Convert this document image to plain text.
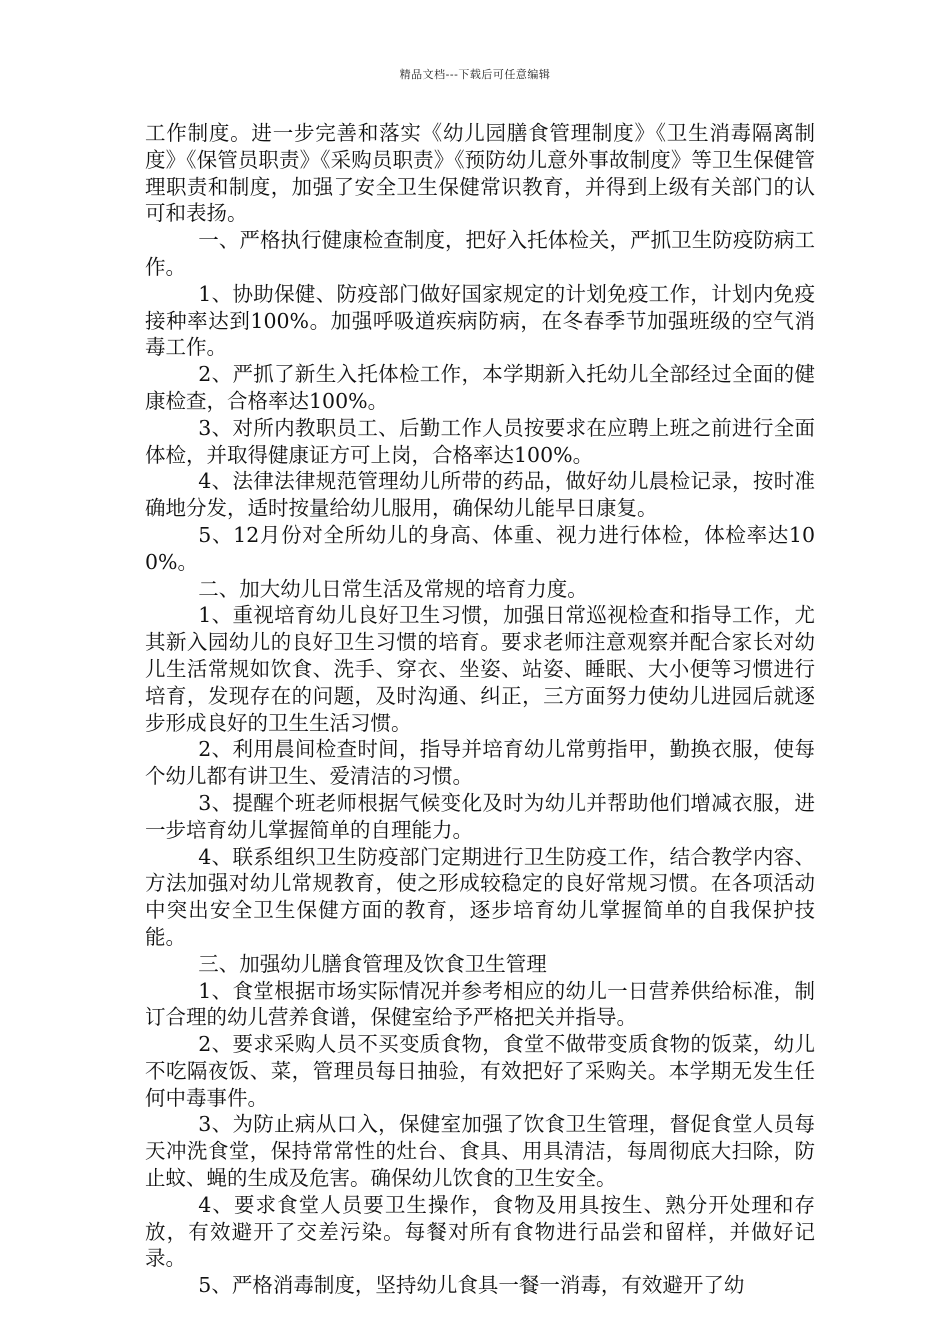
精品文档---下载后可任意编辑

工作制度。进一步完善和落实《幼儿园膳食管理制度》《卫生消毒隔离制度》《保管员职责》《采购员职责》《预防幼儿意外事故制度》等卫生保健管理职责和制度，加强了安全卫生保健常识教育，并得到上级有关部门的认可和表扬。

一、严格执行健康检查制度，把好入托体检关，严抓卫生防疫防病工作。

1、协助保健、防疫部门做好国家规定的计划免疫工作，计划内免疫接种率达到100%。加强呼吸道疾病防病，在冬春季节加强班级的空气消毒工作。

2、严抓了新生入托体检工作，本学期新入托幼儿全部经过全面的健康检查，合格率达100%。

3、对所内教职员工、后勤工作人员按要求在应聘上班之前进行全面体检，并取得健康证方可上岗，合格率达100%。

4、法律法律规范管理幼儿所带的药品，做好幼儿晨检记录，按时准确地分发，适时按量给幼儿服用，确保幼儿能早日康复。

5、12月份对全所幼儿的身高、体重、视力进行体检，体检率达100%。

二、加大幼儿日常生活及常规的培育力度。

1、重视培育幼儿良好卫生习惯，加强日常巡视检查和指导工作，尤其新入园幼儿的良好卫生习惯的培育。要求老师注意观察并配合家长对幼儿生活常规如饮食、洗手、穿衣、坐姿、站姿、睡眠、大小便等习惯进行培育，发现存在的问题，及时沟通、纠正，三方面努力使幼儿进园后就逐步形成良好的卫生生活习惯。

2、利用晨间检查时间，指导并培育幼儿常剪指甲，勤换衣服，使每个幼儿都有讲卫生、爱清洁的习惯。

3、提醒个班老师根据气候变化及时为幼儿并帮助他们增减衣服，进一步培育幼儿掌握简单的自理能力。

4、联系组织卫生防疫部门定期进行卫生防疫工作，结合教学内容、方法加强对幼儿常规教育，使之形成较稳定的良好常规习惯。在各项活动中突出安全卫生保健方面的教育，逐步培育幼儿掌握简单的自我保护技能。

三、加强幼儿膳食管理及饮食卫生管理

1、食堂根据市场实际情况并参考相应的幼儿一日营养供给标准，制订合理的幼儿营养食谱，保健室给予严格把关并指导。

2、要求采购人员不买变质食物，食堂不做带变质食物的饭菜，幼儿不吃隔夜饭、菜，管理员每日抽验，有效把好了采购关。本学期无发生任何中毒事件。

3、为防止病从口入，保健室加强了饮食卫生管理，督促食堂人员每天冲洗食堂，保持常常性的灶台、食具、用具清洁，每周彻底大扫除，防止蚊、蝇的生成及危害。确保幼儿饮食的卫生安全。

4、要求食堂人员要卫生操作，食物及用具按生、熟分开处理和存放，有效避开了交差污染。每餐对所有食物进行品尝和留样，并做好记录。

5、严格消毒制度，坚持幼儿食具一餐一消毒，有效避开了幼
